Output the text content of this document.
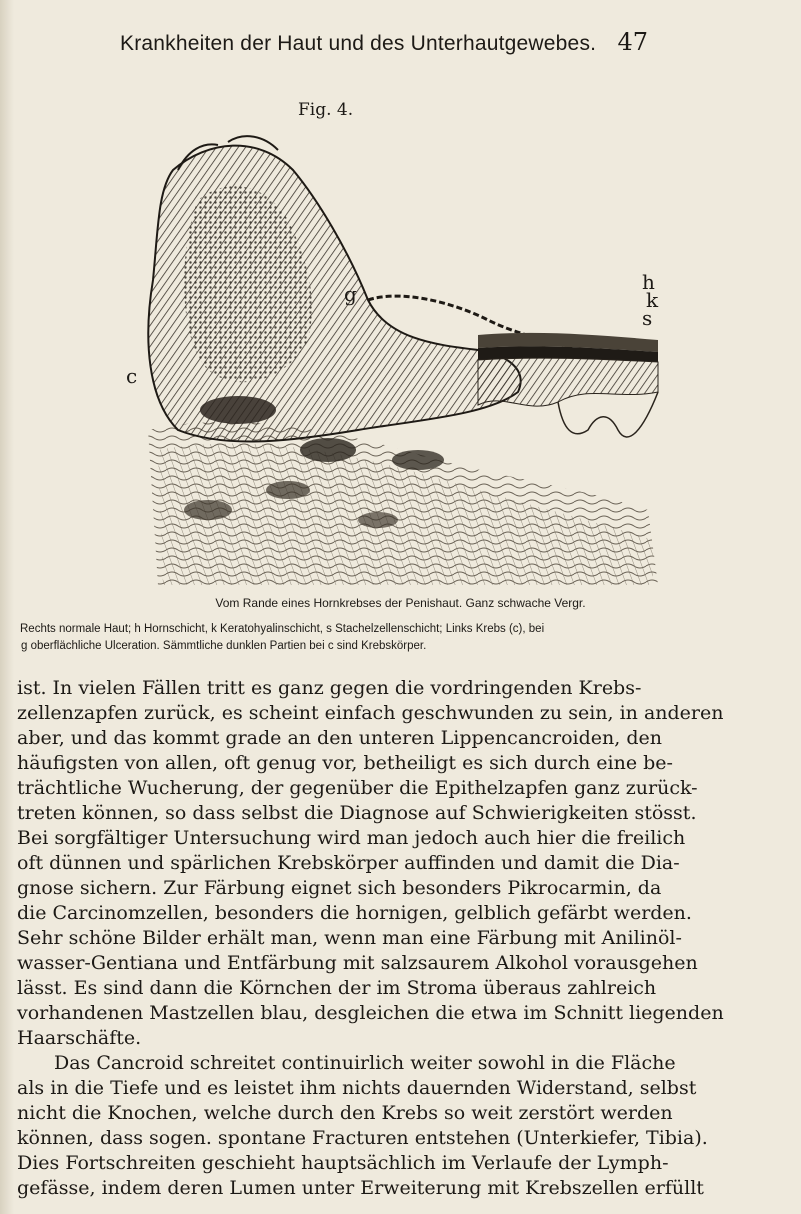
Krankheiten der Haut und des Unterhautgewebes. 47
Fig. 4.
c
g	h
k
s
Vom Rande eines Hornkrebses der Penishaut. Ganz schwache Vergr.
Rechts normale Haut; h Hornschicht, k Keratohyalinschicht, s Stachelzellenschicht; Links Krebs (c), bei
g oberflächliche Ulceration. Sämmtliche dunklen Partien bei c sind Krebskörper.
ist. In vielen Fällen tritt es ganz gegen die vordringenden Krebs-
zellenzapfen zurück, es scheint einfach geschwunden zu sein, in anderen
aber, und das kommt grade an den unteren Lippencancroiden, den
häufigsten von allen, oft genug vor, betheiligt es sich durch eine be-
trächtliche Wucherung, der gegenüber die Epithelzapfen ganz zurück-
treten können, so dass selbst die Diagnose auf Schwierigkeiten stösst.
Bei sorgfältiger Untersuchung wird man jedoch auch hier die freilich
oft dünnen und spärlichen Krebskörper auffinden und damit die Dia-
gnose sichern. Zur Färbung eignet sich besonders Pikrocarmin, da
die Carcinomzellen, besonders die hornigen, gelblich gefärbt werden.
Sehr schöne Bilder erhält man, wenn man eine Färbung mit Anilinöl-
wasser-Gentiana und Entfärbung mit salzsaurem Alkohol vorausgehen
lässt. Es sind dann die Körnchen der im Stroma überaus zahlreich
vorhandenen Mastzellen blau, desgleichen die etwa im Schnitt liegenden
Haarschäfte.
Das Cancroid schreitet continuirlich weiter sowohl in die Fläche
als in die Tiefe und es leistet ihm nichts dauernden Widerstand, selbst
nicht die Knochen, welche durch den Krebs so weit zerstört werden
können, dass sogen. spontane Fracturen entstehen (Unterkiefer, Tibia).
Dies Fortschreiten geschieht hauptsächlich im Verlaufe der Lymph-
gefässe, indem deren Lumen unter Erweiterung mit Krebszellen erfüllt
